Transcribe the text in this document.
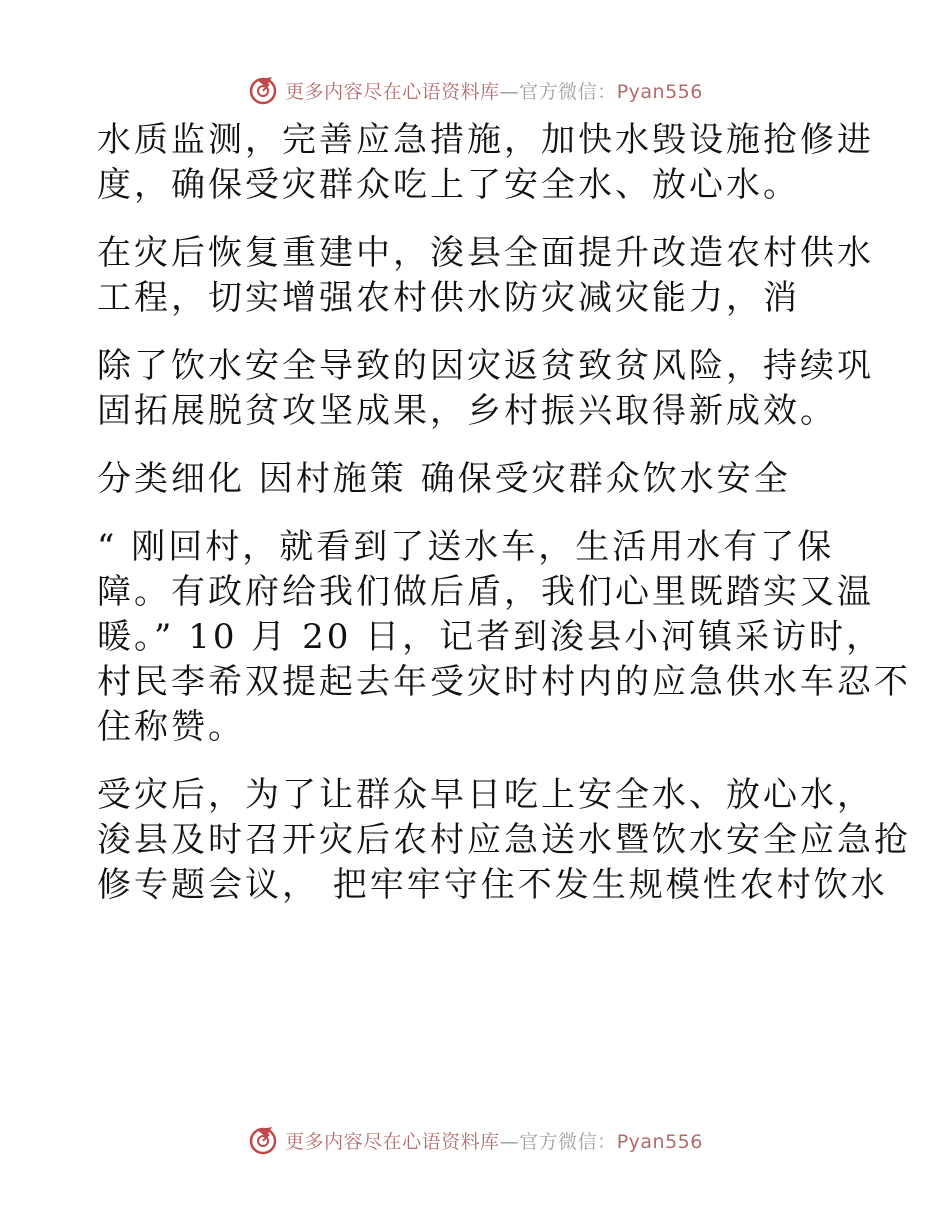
更多内容尽在心语资料库—官方微信：Pyan556
水质监测，完善应急措施，加快水毁设施抢修进
度，确保受灾群众吃上了安全水、放心水。
在灾后恢复重建中，浚县全面提升改造农村供水
工程，切实增强农村供水防灾减灾能力，消
除了饮水安全导致的因灾返贫致贫风险，持续巩
固拓展脱贫攻坚成果，乡村振兴取得新成效。
分类细化 因村施策 确保受灾群众饮水安全
“ 刚回村，就看到了送水车，生活用水有了保
障。有政府给我们做后盾，我们心里既踏实又温
暖。” 10 月 20 日，记者到浚县小河镇采访时，
村民李希双提起去年受灾时村内的应急供水车忍不
住称赞。
受灾后，为了让群众早日吃上安全水、放心水，
浚县及时召开灾后农村应急送水暨饮水安全应急抢
修专题会议， 把牢牢守住不发生规模性农村饮水
更多内容尽在心语资料库—官方微信：Pyan556
